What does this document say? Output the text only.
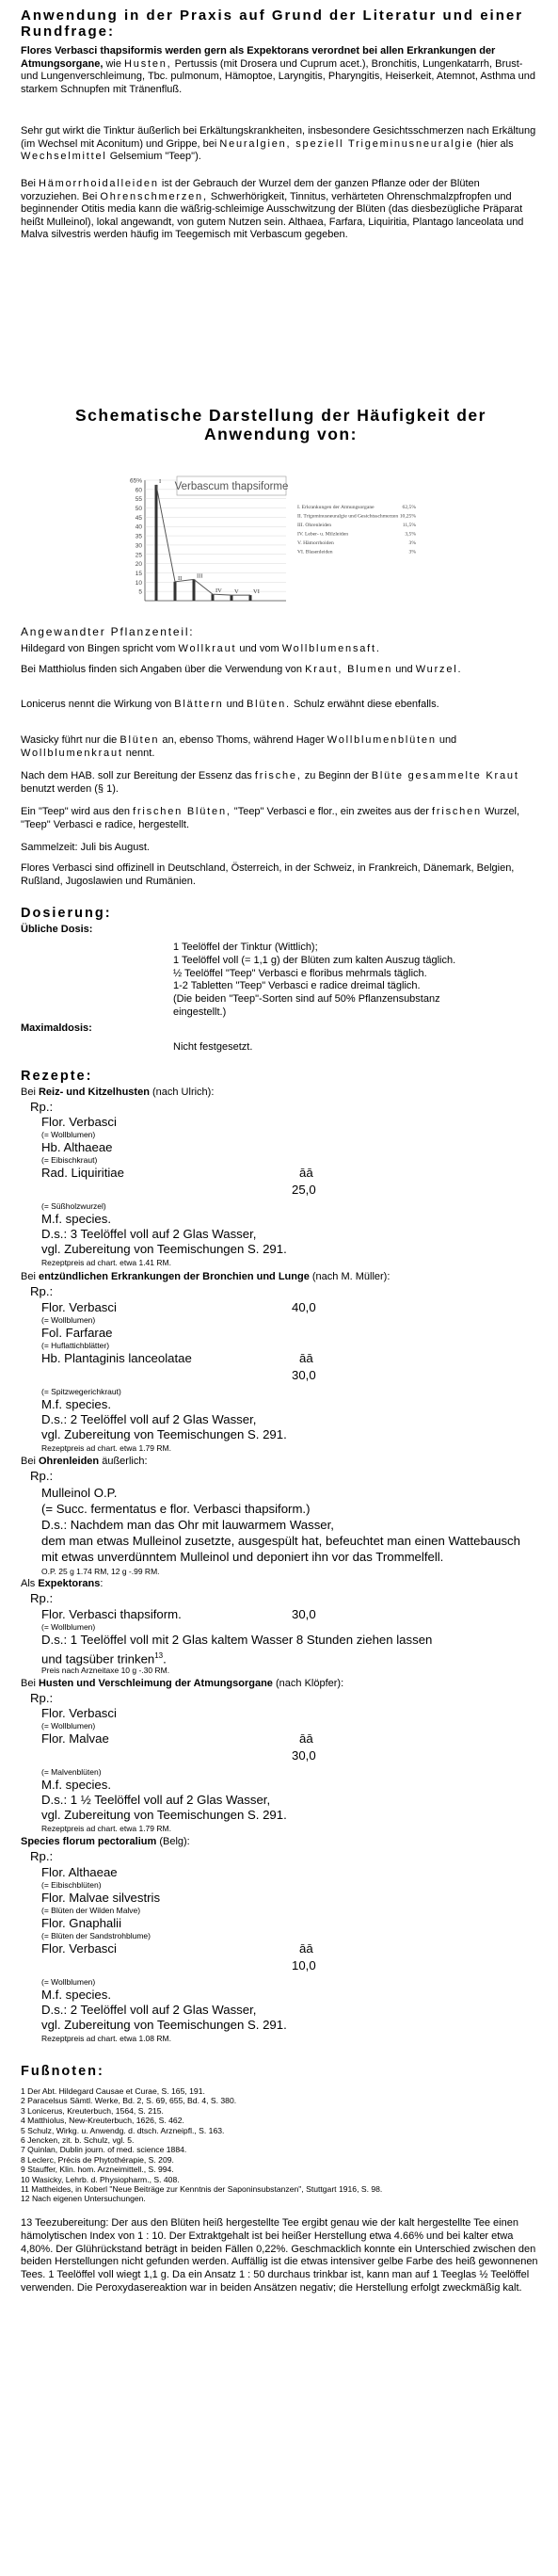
Anwendung in der Praxis auf Grund der Literatur und einer Rundfrage:

Flores Verbasci thapsiformis werden gern als Expektorans verordnet bei allen Erkrankungen der Atmungsorgane, wie Husten, Pertussis (mit Drosera und Cuprum acet.), Bronchitis, Lungenkatarrh, Brust- und Lungenverschleimung, Tbc. pulmonum, Hämoptoe, Laryngitis, Pharyngitis, Heiserkeit, Atemnot, Asthma und starkem Schnupfen mit Tränenfluß.

Sehr gut wirkt die Tinktur äußerlich bei Erkältungskrankheiten, insbesondere Gesichtsschmerzen nach Erkältung (im Wechsel mit Aconitum) und Grippe, bei Neuralgien, speziell Trigeminusneuralgie (hier als Wechselmittel Gelsemium "Teep").

Bei Hämorrhoidalleiden ist der Gebrauch der Wurzel dem der ganzen Pflanze oder der Blüten vorzuziehen. Bei Ohrenschmerzen, Schwerhörigkeit, Tinnitus, verhärteten Ohrenschmalzpfropfen und beginnender Otitis media kann die wäßrig-schleimige Ausschwitzung der Blüten (das diesbezügliche Präparat heißt Mulleinol), lokal angewandt, von gutem Nutzen sein. Althaea, Farfara, Liquiritia, Plantago lanceolata und Malva silvestris werden häufig im Teegemisch mit Verbascum gegeben.

Schematische Darstellung der Häufigkeit der Anwendung von:

65%
60
55
50
45
40
35
30
25
20
15
10
5
I
II III
IV V VI
I. Erkrankungen der Atmungsorgane	62,5%
II. Trigeminusneuralgie und Gesichtsschmerzen 10,25%
III. Ohrenleiden	11,5%
IV. Leber- u. Milzleiden	3,5%
V. Hämorrhoiden	3%
VI. Blasenleiden	3%
Verbascum thapsiforme

Angewandter Pflanzenteil:

Hildegard von Bingen spricht vom Wollkraut und vom Wollblumensaft.

Bei Matthiolus finden sich Angaben über die Verwendung von Kraut, Blumen und Wurzel.

Lonicerus nennt die Wirkung von Blättern und Blüten. Schulz erwähnt diese ebenfalls.

Wasicky führt nur die Blüten an, ebenso Thoms, während Hager Wollblumenblüten und Wollblumenkraut nennt.

Nach dem HAB. soll zur Bereitung der Essenz das frische, zu Beginn der Blüte gesammelte Kraut benutzt werden (§ 1).

Ein "Teep" wird aus den frischen Blüten, "Teep" Verbasci e flor., ein zweites aus der frischen Wurzel, "Teep" Verbasci e radice, hergestellt.

Sammelzeit: Juli bis August.

Flores Verbasci sind offizinell in Deutschland, Österreich, in der Schweiz, in Frankreich, Dänemark, Belgien, Rußland, Jugoslawien und Rumänien.

Dosierung:

Übliche Dosis:

1 Teelöffel der Tinktur (Wittlich);
1 Teelöffel voll (= 1,1 g) der Blüten zum kalten Auszug täglich.
½ Teelöffel "Teep" Verbasci e floribus mehrmals täglich.
1-2 Tabletten "Teep" Verbasci e radice dreimal täglich.
(Die beiden "Teep"-Sorten sind auf 50% Pflanzensubstanz
eingestellt.)

Maximaldosis:

Nicht festgesetzt.

Rezepte:

Bei Reiz- und Kitzelhusten (nach Ulrich):

Rp.:

Flor. Verbasci

(= Wollblumen)

Hb. Althaeae

(= Eibischkraut)

Rad. Liquiritiae	āā

25,0

(= Süßholzwurzel)

M.f. species.

D.s.: 3 Teelöffel voll auf 2 Glas Wasser,

vgl. Zubereitung von Teemischungen S. 291.

Rezeptpreis ad chart. etwa 1.41 RM.

Bei entzündlichen Erkrankungen der Bronchien und Lunge (nach M. Müller):

Rp.:

Flor. Verbasci	40,0

(= Wollblumen)

Fol. Farfarae

(= Huflattichblätter)

Hb. Plantaginis lanceolatae	āā

30,0

(= Spitzwegerichkraut)

M.f. species.

D.s.: 2 Teelöffel voll auf 2 Glas Wasser,

vgl. Zubereitung von Teemischungen S. 291.

Rezeptpreis ad chart. etwa 1.79 RM.

Bei Ohrenleiden äußerlich:

Rp.:

Mulleinol O.P.

(= Succ. fermentatus e flor. Verbasci thapsiform.)

D.s.: Nachdem man das Ohr mit lauwarmem Wasser,

dem man etwas Mulleinol zusetzte, ausgespült hat, befeuchtet man einen Wattebausch

mit etwas unverdünntem Mulleinol und deponiert ihn vor das Trommelfell.

O.P. 25 g 1.74 RM, 12 g -.99 RM.

Als Expektorans:

Rp.:

Flor. Verbasci thapsiform.	30,0

(= Wollblumen)

D.s.: 1 Teelöffel voll mit 2 Glas kaltem Wasser 8 Stunden ziehen lassen

und tagsüber trinken$^{13}$.

Preis nach Arzneitaxe 10 g -.30 RM.

Bei Husten und Verschleimung der Atmungsorgane (nach Klöpfer):

Rp.:

Flor. Verbasci

(= Wollblumen)

Flor. Malvae	āā

30,0

(= Malvenblüten)

M.f. species.

D.s.: 1 ½ Teelöffel voll auf 2 Glas Wasser,

vgl. Zubereitung von Teemischungen S. 291.

Rezeptpreis ad chart. etwa 1.79 RM.

Species florum pectoralium (Belg):

Rp.:

Flor. Althaeae

(= Eibischblüten)

Flor. Malvae silvestris

(= Blüten der Wilden Malve)

Flor. Gnaphalii

(= Blüten der Sandstrohblume)

Flor. Verbasci	āā

10,0

(= Wollblumen)

M.f. species.

D.s.: 2 Teelöffel voll auf 2 Glas Wasser,

vgl. Zubereitung von Teemischungen S. 291.

Rezeptpreis ad chart. etwa 1.08 RM.

Fußnoten:

1 Der Abt. Hildegard Causae et Curae, S. 165, 191.
2 Paracelsus Sämtl. Werke, Bd. 2, S. 69, 655, Bd. 4, S. 380.
3 Lonicerus, Kreuterbuch, 1564, S. 215.
4 Matthiolus, New-Kreuterbuch, 1626, S. 462.
5 Schulz, Wirkg. u. Anwendg. d. dtsch. Arzneipfl., S. 163.
6 Jencken, zit. b. Schulz, vgl. 5.
7 Quinlan, Dublin journ. of med. science 1884.
8 Leclerc, Précis de Phytothérapie, S. 209.
9 Stauffer, Klin. hom. Arzneimittell., S. 994.
10 Wasicky, Lehrb. d. Physiopharm., S. 408.
11 Mattheides, in Koberl "Neue Beiträge zur Kenntnis der Saponinsubstanzen", Stuttgart 1916, S. 98.
12 Nach eigenen Untersuchungen.

13 Teezubereitung: Der aus den Blüten heiß hergestellte Tee ergibt genau wie der kalt hergestellte Tee einen hämolytischen Index von 1 : 10. Der Extraktgehalt ist bei heißer Herstellung etwa 4.66% und bei kalter etwa 4,80%. Der Glührückstand beträgt in beiden Fällen 0,22%. Geschmacklich konnte ein Unterschied zwischen den beiden Herstellungen nicht gefunden werden. Auffällig ist die etwas intensiver gelbe Farbe des heiß gewonnenen Tees. 1 Teelöffel voll wiegt 1,1 g. Da ein Ansatz 1 : 50 durchaus trinkbar ist, kann man auf 1 Teeglas ½ Teelöffel verwenden. Die Peroxydasereaktion war in beiden Ansätzen negativ; die Herstellung erfolgt zweckmäßig kalt.
